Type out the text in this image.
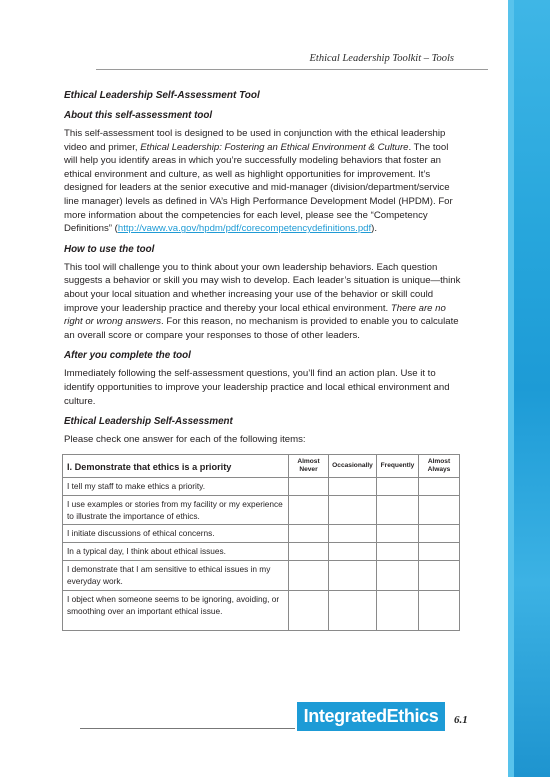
Ethical Leadership Toolkit – Tools
Ethical Leadership Self-Assessment Tool
About this self-assessment tool

This self-assessment tool is designed to be used in conjunction with the ethical leadership video and primer, Ethical Leadership: Fostering an Ethical Environment & Culture. The tool will help you identify areas in which you’re successfully modeling behaviors that foster an ethical environment and culture, as well as highlight opportunities for improvement. It’s designed for leaders at the senior executive and mid-manager (division/department/service line manager) levels as defined in VA’s High Performance Development Model (HPDM). For more information about the competencies for each level, please see the “Competency Definitions” (http://vaww.va.gov/hpdm/pdf/corecompetencydefinitions.pdf).

How to use the tool

This tool will challenge you to think about your own leadership behaviors. Each question suggests a behavior or skill you may wish to develop. Each leader’s situation is unique—think about your local situation and whether increasing your use of the behavior or skill could improve your leadership practice and thereby your local ethical environment. There are no right or wrong answers. For this reason, no mechanism is provided to enable you to calculate an overall score or compare your responses to those of other leaders.

After you complete the tool

Immediately following the self-assessment questions, you’ll find an action plan. Use it to identify opportunities to improve your leadership practice and local ethical environment and culture.

Ethical Leadership Self-Assessment

Please check one answer for each of the following items:

I. Demonstrate that ethics is a priority	Almost Never	Occasionally	Frequently	Almost Always
I tell my staff to make ethics a priority.				
I use examples or stories from my facility or my experience to illustrate the importance of ethics.				
I initiate discussions of ethical concerns.				
In a typical day, I think about ethical issues.				
I demonstrate that I am sensitive to ethical issues in my everyday work.				
I object when someone seems to be ignoring, avoiding, or smoothing over an important ethical issue.				
IntegratedEthics	6.1
